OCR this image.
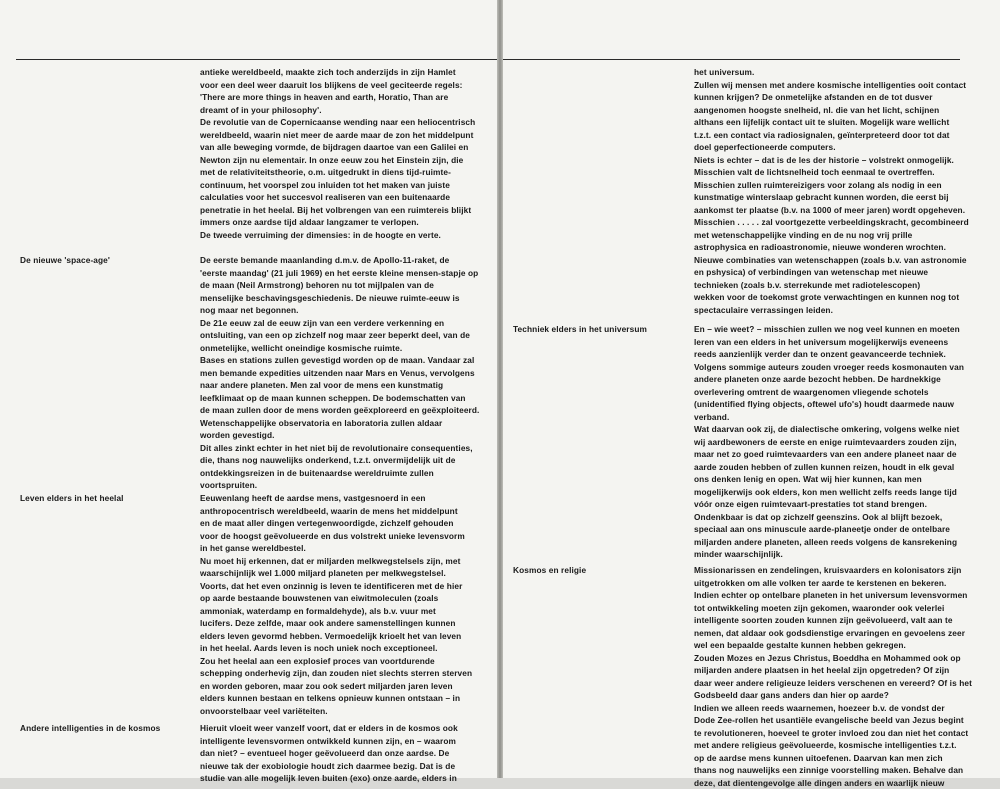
antieke wereldbeeld, maakte zich toch anderzijds in zijn Hamlet

voor een deel weer daaruit los blijkens de veel geciteerde regels:

'There are more things in heaven and earth, Horatio, Than are

dreamt of in your philosophy'.

De revolutie van de Copernicaanse wending naar een heliocentrisch

wereldbeeld, waarin niet meer de aarde maar de zon het middelpunt

van alle beweging vormde, de bijdragen daartoe van een Galilei en

Newton zijn nu elementair. In onze eeuw zou het Einstein zijn, die

met de relativiteitstheorie, o.m. uitgedrukt in diens tijd-ruimte-

continuum, het voorspel zou inluiden tot het maken van juiste

calculaties voor het succesvol realiseren van een buitenaarde

penetratie in het heelal. Bij het volbrengen van een ruimtereis blijkt

immers onze aardse tijd aldaar langzamer te verlopen.

De tweede verruiming der dimensies: in de hoogte en verte.

De nieuwe 'space-age'	De eerste bemande maanlanding d.m.v. de Apollo-11-raket, de

'eerste maandag' (21 juli 1969) en het eerste kleine mensen-stapje op

de maan (Neil Armstrong) behoren nu tot mijlpalen van de

menselijke beschavingsgeschiedenis. De nieuwe ruimte-eeuw is

nog maar net begonnen.

De 21e eeuw zal de eeuw zijn van een verdere verkenning en

ontsluiting, van een op zichzelf nog maar zeer beperkt deel, van de

onmetelijke, wellicht oneindige kosmische ruimte.

Bases en stations zullen gevestigd worden op de maan. Vandaar zal

men bemande expedities uitzenden naar Mars en Venus, vervolgens

naar andere planeten. Men zal voor de mens een kunstmatig

leefklimaat op de maan kunnen scheppen. De bodemschatten van

de maan zullen door de mens worden geëxploreerd en geëxploiteerd.

Wetenschappelijke observatoria en laboratoria zullen aldaar

worden gevestigd.

Dit alles zinkt echter in het niet bij de revolutionaire consequenties,

die, thans nog nauwelijks onderkend, t.z.t. onvermijdelijk uit de

ontdekkingsreizen in de buitenaardse wereldruimte zullen

voortspruiten.

Leven elders in het heelal	Eeuwenlang heeft de aardse mens, vastgesnoerd in een

anthropocentrisch wereldbeeld, waarin de mens het middelpunt

en de maat aller dingen vertegenwoordigde, zichzelf gehouden

voor de hoogst geëvolueerde en dus volstrekt unieke levensvorm

in het ganse wereldbestel.

Nu moet hij erkennen, dat er miljarden melkwegstelsels zijn, met

waarschijnlijk wel 1.000 miljard planeten per melkwegstelsel.

Voorts, dat het even onzinnig is leven te identificeren met de hier

op aarde bestaande bouwstenen van eiwitmoleculen (zoals

ammoniak, waterdamp en formaldehyde), als b.v. vuur met

lucifers. Deze zelfde, maar ook andere samenstellingen kunnen

elders leven gevormd hebben. Vermoedelijk krioelt het van leven

in het heelal. Aards leven is noch uniek noch exceptioneel.

Zou het heelal aan een explosief proces van voortdurende

schepping onderhevig zijn, dan zouden niet slechts sterren sterven

en worden geboren, maar zou ook sedert miljarden jaren leven

elders kunnen bestaan en telkens opnieuw kunnen ontstaan – in

onvoorstelbaar veel variëteiten.

Andere intelligenties in de kosmos	Hieruit vloeit weer vanzelf voort, dat er elders in de kosmos ook

intelligente levensvormen ontwikkeld kunnen zijn, en – waarom

dan niet? – eventueel hoger geëvolueerd dan onze aardse. De

nieuwe tak der exobiologie houdt zich daarmee bezig. Dat is de

studie van alle mogelijk leven buiten (exo) onze aarde, elders in

het universum.

Zullen wij mensen met andere kosmische intelligenties ooit contact

kunnen krijgen? De onmetelijke afstanden en de tot dusver

aangenomen hoogste snelheid, nl. die van het licht, schijnen

althans een lijfelijk contact uit te sluiten. Mogelijk ware wellicht

t.z.t. een contact via radiosignalen, geïnterpreteerd door tot dat

doel geperfectioneerde computers.

Niets is echter – dat is de les der historie – volstrekt onmogelijk.

Misschien valt de lichtsnelheid toch eenmaal te overtreffen.

Misschien zullen ruimtereizigers voor zolang als nodig in een

kunstmatige winterslaap gebracht kunnen worden, die eerst bij

aankomst ter plaatse (b.v. na 1000 of meer jaren) wordt opgeheven.

Misschien . . . . . zal voortgezette verbeeldingskracht, gecombineerd

met wetenschappelijke vinding en de nu nog vrij prille

astrophysica en radioastronomie, nieuwe wonderen wrochten.

Nieuwe combinaties van wetenschappen (zoals b.v. van astronomie

en pshysica) of verbindingen van wetenschap met nieuwe

technieken (zoals b.v. sterrekunde met radiotelescopen)

wekken voor de toekomst grote verwachtingen en kunnen nog tot

spectaculaire verrassingen leiden.

Techniek elders in het universum	En – wie weet? – misschien zullen we nog veel kunnen en moeten

leren van een elders in het universum mogelijkerwijs eveneens

reeds aanzienlijk verder dan te onzent geavanceerde techniek.

Volgens sommige auteurs zouden vroeger reeds kosmonauten van

andere planeten onze aarde bezocht hebben. De hardnekkige

overlevering omtrent de waargenomen vliegende schotels

(unidentified flying objects, oftewel ufo's) houdt daarmede nauw

verband.

Wat daarvan ook zij, de dialectische omkering, volgens welke niet

wij aardbewoners de eerste en enige ruimtevaarders zouden zijn,

maar net zo goed ruimtevaarders van een andere planeet naar de

aarde zouden hebben of zullen kunnen reizen, houdt in elk geval

ons denken lenig en open. Wat wij hier kunnen, kan men

mogelijkerwijs ook elders, kon men wellicht zelfs reeds lange tijd

vóór onze eigen ruimtevaart-prestaties tot stand brengen.

Ondenkbaar is dat op zichzelf geenszins. Ook al blijft bezoek,

speciaal aan ons minuscule aarde-planeetje onder de ontelbare

miljarden andere planeten, alleen reeds volgens de kansrekening

minder waarschijnlijk.

Kosmos en religie	Missionarissen en zendelingen, kruisvaarders en kolonisators zijn

uitgetrokken om alle volken ter aarde te kerstenen en bekeren.

Indien echter op ontelbare planeten in het universum levensvormen

tot ontwikkeling moeten zijn gekomen, waaronder ook velerlei

intelligente soorten zouden kunnen zijn geëvolueerd, valt aan te

nemen, dat aldaar ook godsdienstige ervaringen en gevoelens zeer

wel een bepaalde gestalte kunnen hebben gekregen.

Zouden Mozes en Jezus Christus, Boeddha en Mohammed ook op

miljarden andere plaatsen in het heelal zijn opgetreden? Of zijn

daar weer andere religieuze leiders verschenen en vereerd? Of is het

Godsbeeld daar gans anders dan hier op aarde?

Indien we alleen reeds waarnemen, hoezeer b.v. de vondst der

Dode Zee-rollen het usantiële evangelische beeld van Jezus begint

te revolutioneren, hoeveel te groter invloed zou dan niet het contact

met andere religieus geëvolueerde, kosmische intelligenties t.z.t.

op de aardse mens kunnen uitoefenen. Daarvan kan men zich

thans nog nauwelijks een zinnige voorstelling maken. Behalve dan

deze, dat dientengevolge alle dingen anders en waarlijk nieuw
